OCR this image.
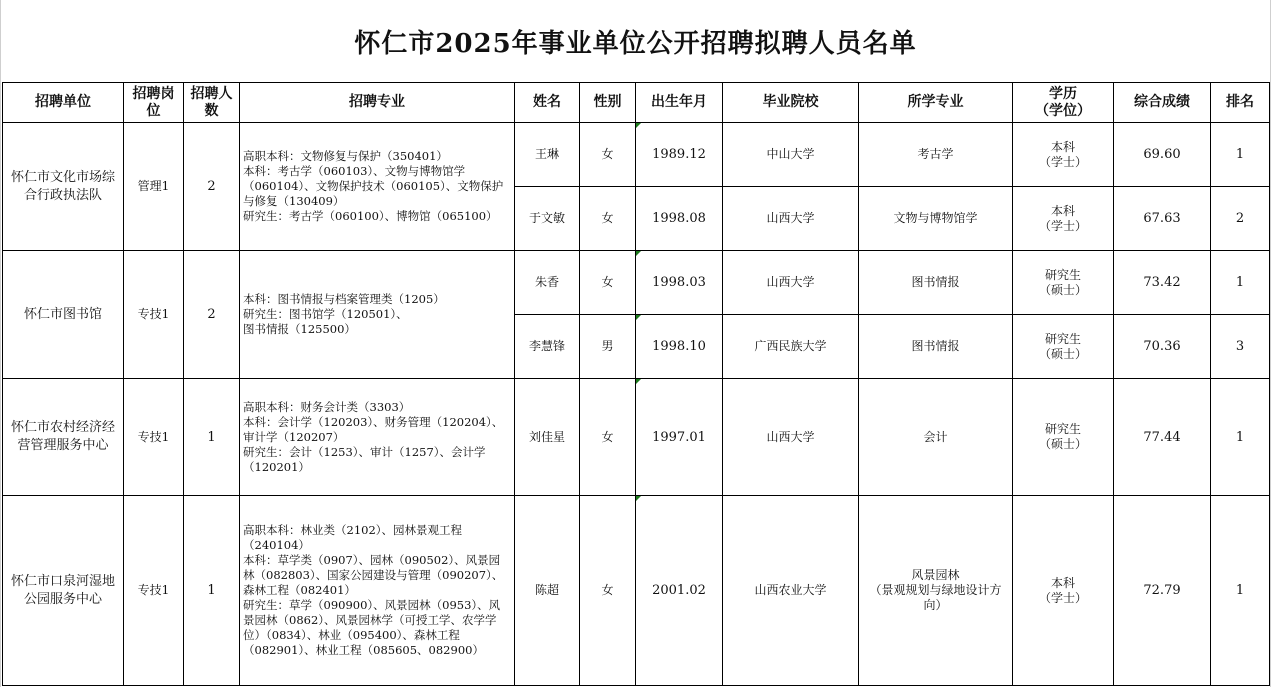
怀仁市2025年事业单位公开招聘拟聘人员名单
招聘单位	招聘岗位	招聘人数	招聘专业	姓名	性别	出生年月	毕业院校	所学专业	学历
（学位）	综合成绩	排名
怀仁市文化市场综合行政执法队	管理1	2	高职本科：文物修复与保护（350401）
本科：考古学（060103）、文物与博物馆学（060104）、文物保护技术（060105）、文物保护与修复（130409）
研究生：考古学（060100）、博物馆（065100）	王琳	女	1989.12	中山大学	考古学	本科
（学士）	69.60	1
				于文敏	女	1998.08	山西大学	文物与博物馆学	本科
（学士）	67.63	2
怀仁市图书馆	专技1	2	本科：图书情报与档案管理类（1205）
研究生：图书馆学（120501）、
图书情报（125500）	朱香	女	1998.03	山西大学	图书情报	研究生
（硕士）	73.42	1
				李慧锋	男	1998.10	广西民族大学	图书情报	研究生
（硕士）	70.36	3
怀仁市农村经济经营管理服务中心	专技1	1	高职本科：财务会计类（3303）
本科：会计学（120203）、财务管理（120204）、审计学（120207）
研究生：会计（1253）、审计（1257）、会计学（120201）	刘佳星	女	1997.01	山西大学	会计	研究生
（硕士）	77.44	1
怀仁市口泉河湿地公园服务中心	专技1	1	高职本科：林业类（2102）、园林景观工程（240104）
本科：草学类（0907）、园林（090502）、风景园林（082803）、国家公园建设与管理（090207）、森林工程（082401）
研究生：草学（090900）、风景园林（0953）、风景园林（0862）、风景园林学（可授工学、农学学位）（0834）、林业（095400）、森林工程（082901）、林业工程（085605、082900）	陈超	女	2001.02	山西农业大学	风景园林
（景观规划与绿地设计方向）	本科
（学士）	72.79	1
